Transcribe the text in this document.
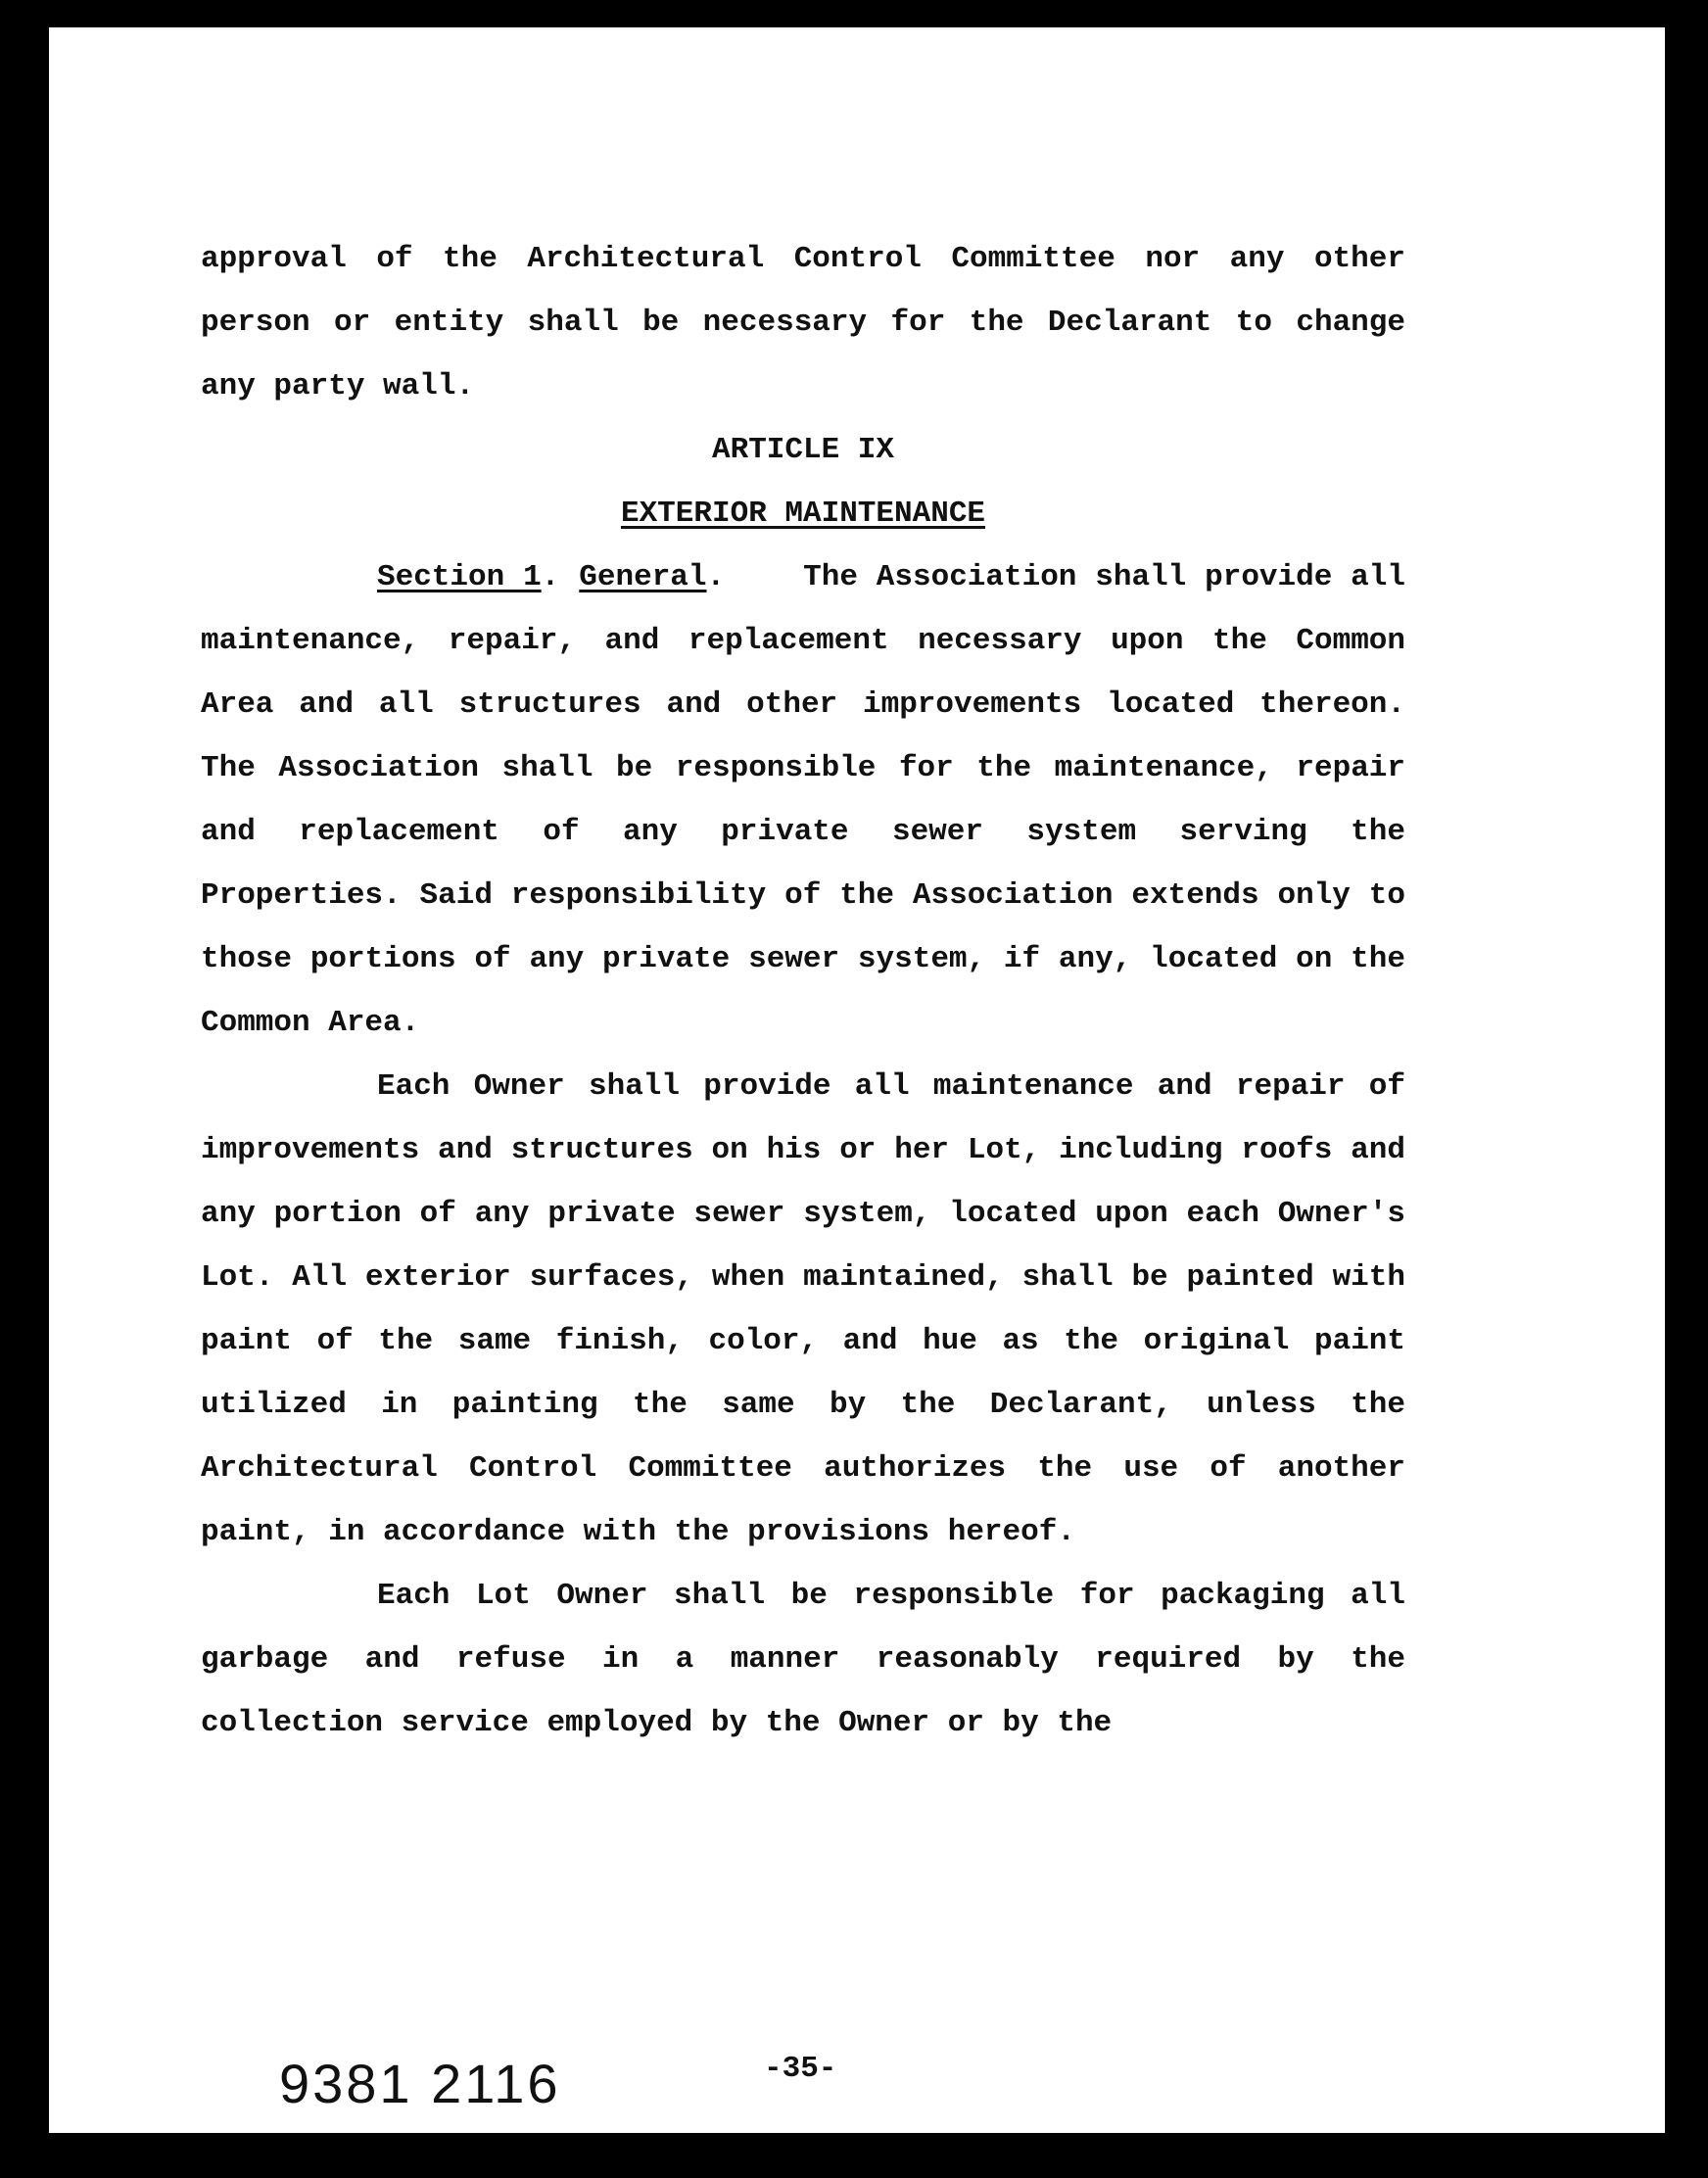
approval of the Architectural Control Committee nor any other person or entity shall be necessary for the Declarant to change any party wall.

ARTICLE IX

EXTERIOR MAINTENANCE

Section 1. General.	The Association shall provide all maintenance, repair, and replacement necessary upon the Common Area and all structures and other improvements located thereon. The Association shall be responsible for the maintenance, repair and replacement of any private sewer system serving the Properties. Said responsibility of the Association extends only to those portions of any private sewer system, if any, located on the Common Area.

Each Owner shall provide all maintenance and repair of improvements and structures on his or her Lot, including roofs and any portion of any private sewer system, located upon each Owner's Lot. All exterior surfaces, when maintained, shall be painted with paint of the same finish, color, and hue as the original paint utilized in painting the same by the Declarant, unless the Architectural Control Committee authorizes the use of another paint, in accordance with the provisions hereof.

Each Lot Owner shall be responsible for packaging all garbage and refuse in a manner reasonably required by the collection service employed by the Owner or by the

9381 2116	-35-
